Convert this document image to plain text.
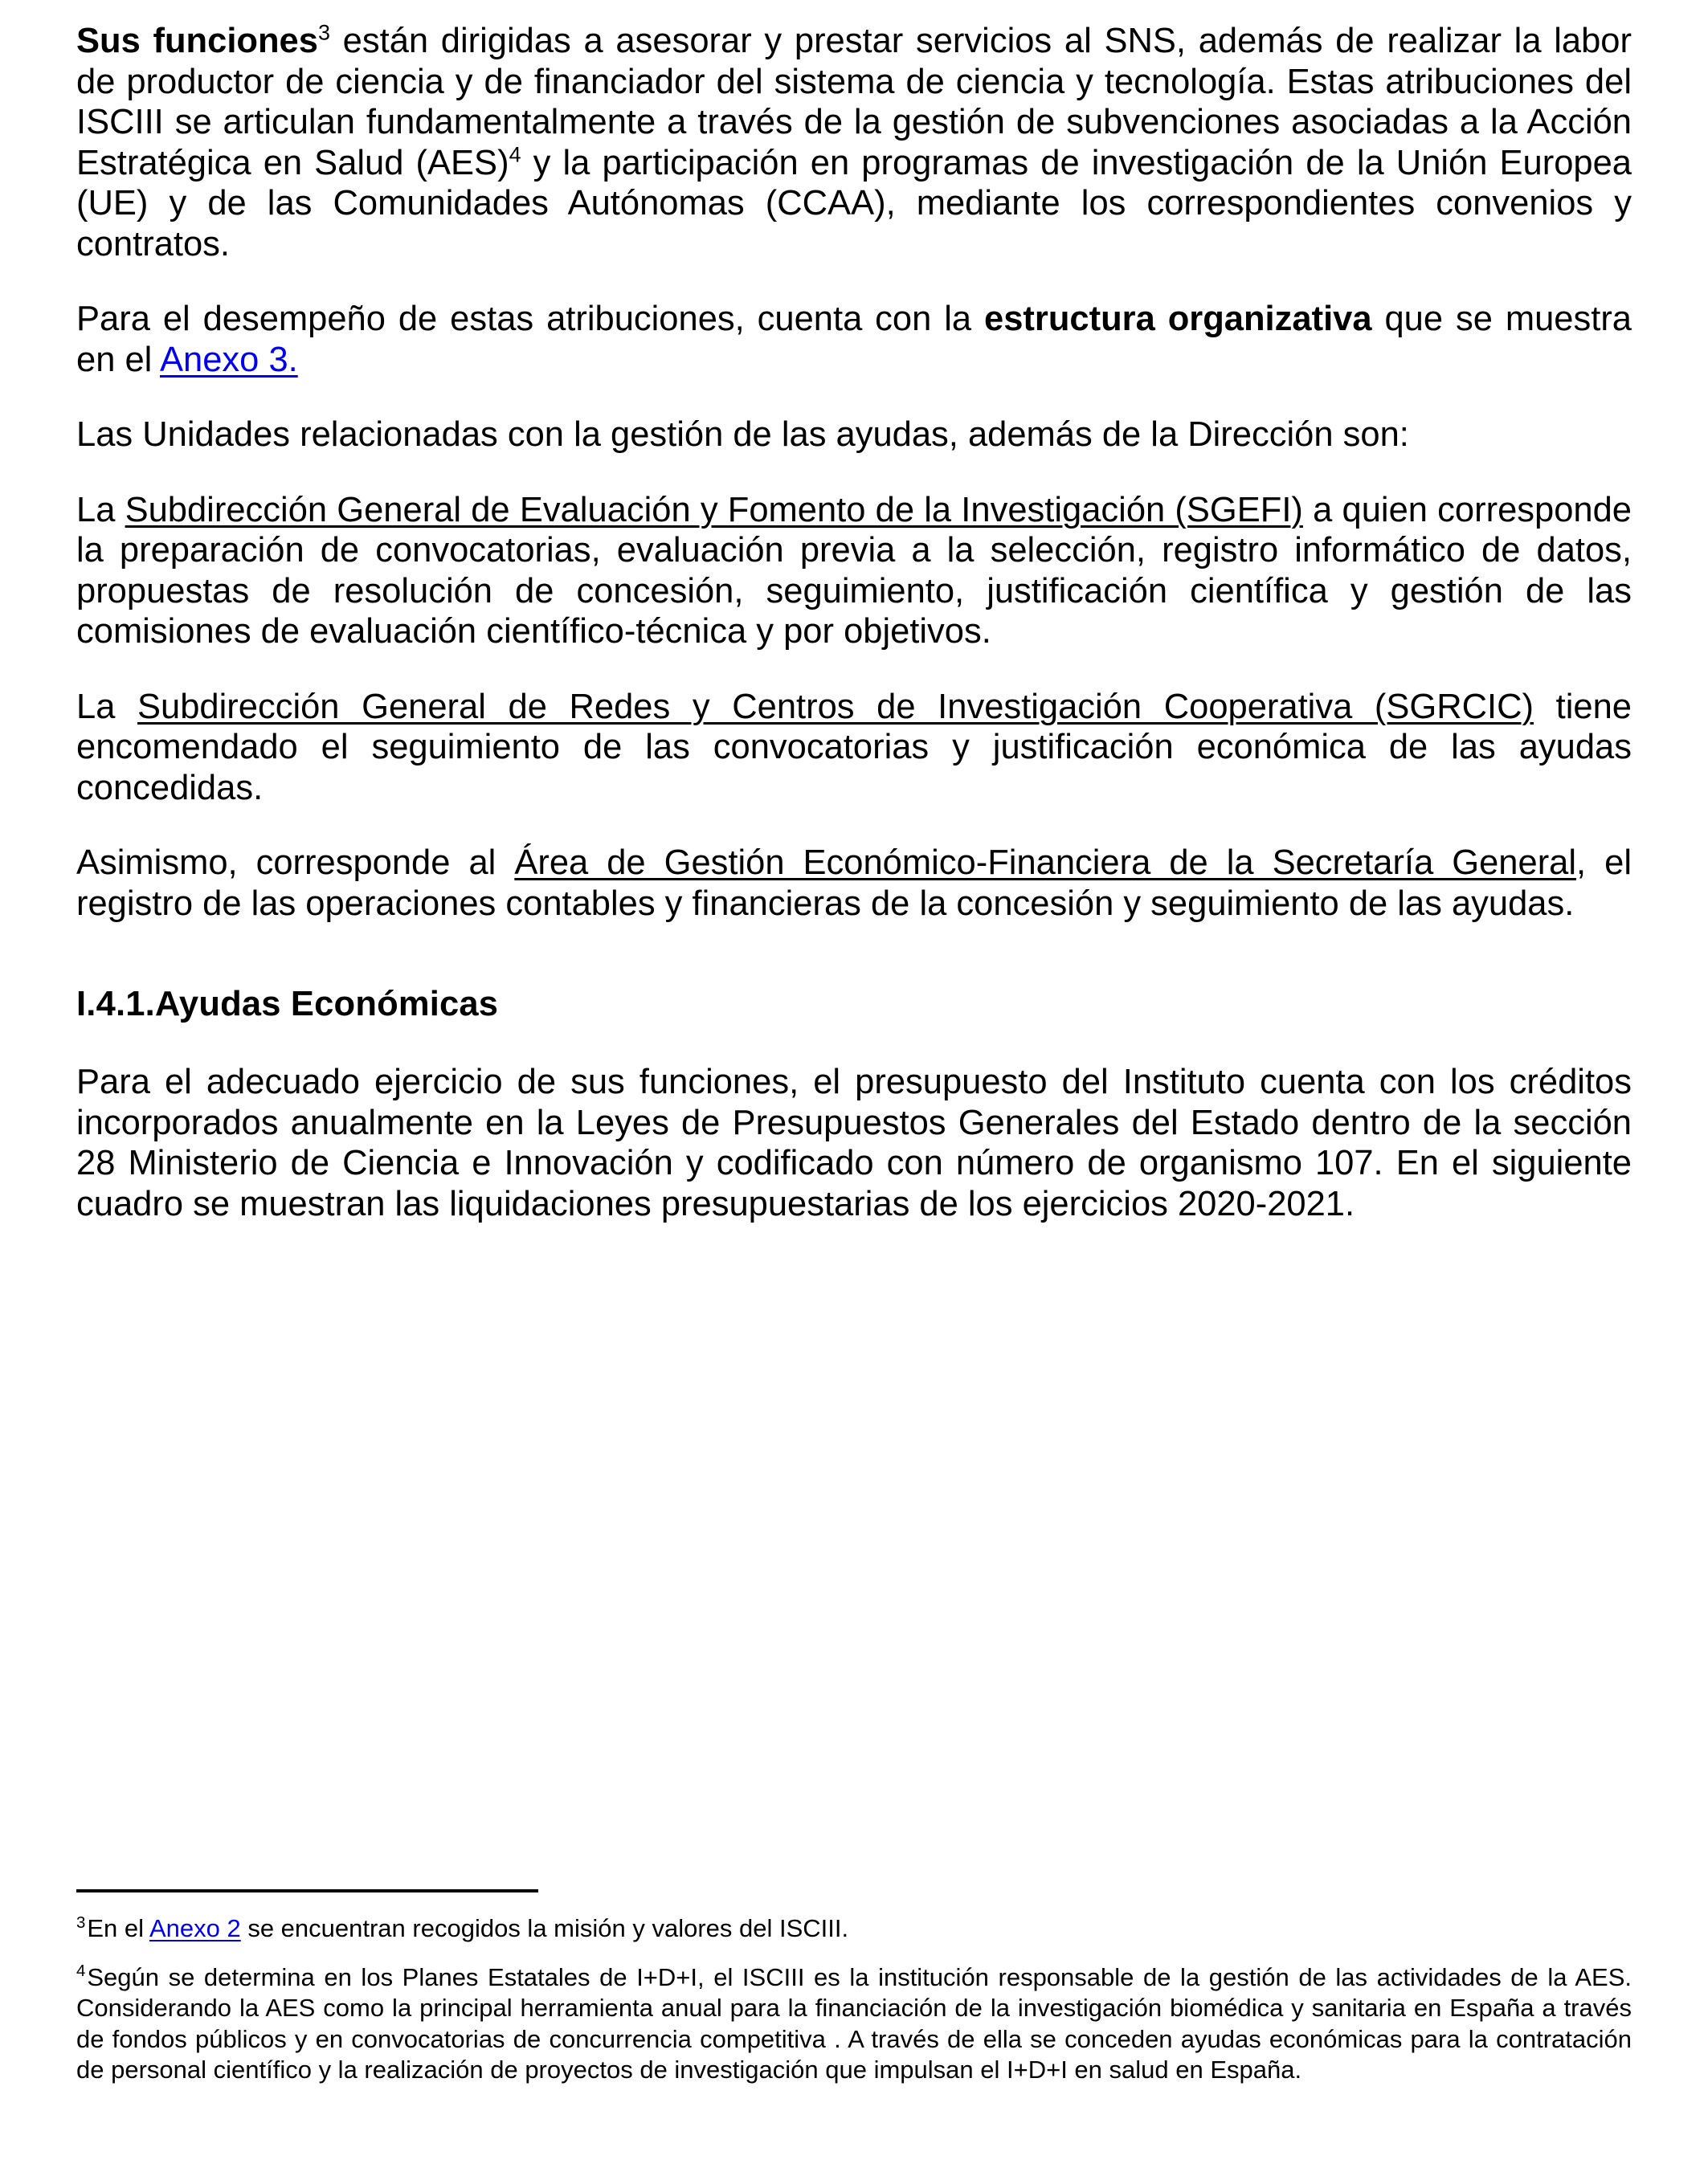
Sus funciones$^3$ están dirigidas a asesorar y prestar servicios al SNS, además de realizar la labor de productor de ciencia y de financiador del sistema de ciencia y tecnología. Estas atribuciones del ISCIII se articulan fundamentalmente a través de la gestión de subvenciones asociadas a la Acción Estratégica en Salud (AES)$^4$ y la participación en programas de investigación de la Unión Europea (UE) y de las Comunidades Autónomas (CCAA), mediante los correspondientes convenios y contratos.

Para el desempeño de estas atribuciones, cuenta con la estructura organizativa que se muestra en el Anexo 3.

Las Unidades relacionadas con la gestión de las ayudas, además de la Dirección son:

La Subdirección General de Evaluación y Fomento de la Investigación (SGEFI) a quien corresponde la preparación de convocatorias, evaluación previa a la selección, registro informático de datos, propuestas de resolución de concesión, seguimiento, justificación científica y gestión de las comisiones de evaluación científico-técnica y por objetivos.

La Subdirección General de Redes y Centros de Investigación Cooperativa (SGRCIC) tiene encomendado el seguimiento de las convocatorias y justificación económica de las ayudas concedidas.

Asimismo, corresponde al Área de Gestión Económico-Financiera de la Secretaría General, el registro de las operaciones contables y financieras de la concesión y seguimiento de las ayudas.

I.4.1.Ayudas Económicas

Para el adecuado ejercicio de sus funciones, el presupuesto del Instituto cuenta con los créditos incorporados anualmente en la Leyes de Presupuestos Generales del Estado dentro de la sección 28 Ministerio de Ciencia e Innovación y codificado con número de organismo 107. En el siguiente cuadro se muestran las liquidaciones presupuestarias de los ejercicios 2020-2021.

$^3$En el Anexo 2 se encuentran recogidos la misión y valores del ISCIII.

$^4$Según se determina en los Planes Estatales de I+D+I, el ISCIII es la institución responsable de la gestión de las actividades de la AES. Considerando la AES como la principal herramienta anual para la financiación de la investigación biomédica y sanitaria en España a través de fondos públicos y en convocatorias de concurrencia competitiva . A través de ella se conceden ayudas económicas para la contratación de personal científico y la realización de proyectos de investigación que impulsan el I+D+I en salud en España.
